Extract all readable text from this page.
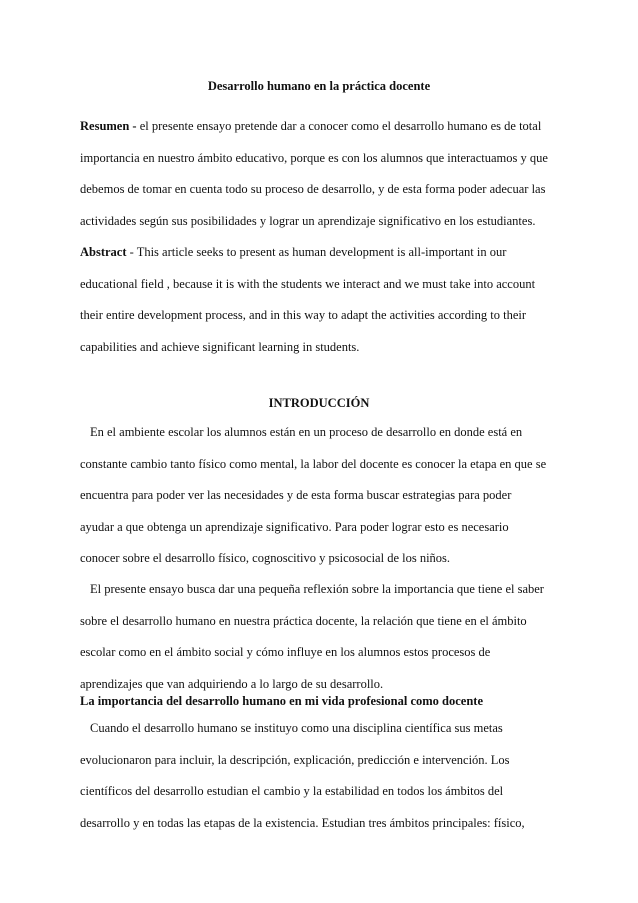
Desarrollo humano en la práctica docente

Resumen - el presente ensayo pretende dar a conocer como el desarrollo humano es de total
importancia en nuestro ámbito educativo, porque es con los alumnos que interactuamos y que
debemos de tomar en cuenta todo su proceso de desarrollo, y de esta forma poder adecuar las
actividades según sus posibilidades y lograr un aprendizaje significativo en los estudiantes.

Abstract - This article seeks to present as human development is all-important in our
educational field , because it is with the students we interact and we must take into account
their entire development process, and in this way to adapt the activities according to their
capabilities and achieve significant learning in students.

INTRODUCCIÓN

En el ambiente escolar los alumnos están en un proceso de desarrollo en donde está en
constante cambio tanto físico como mental, la labor del docente es conocer la etapa en que se
encuentra para poder ver las necesidades y de esta forma buscar estrategias para poder
ayudar a que obtenga un aprendizaje significativo. Para poder lograr esto es necesario
conocer sobre el desarrollo físico, cognoscitivo y psicosocial de los niños.

El presente ensayo busca dar una pequeña reflexión sobre la importancia que tiene el saber
sobre el desarrollo humano en nuestra práctica docente, la relación que tiene en el ámbito
escolar como en el ámbito social y cómo influye en los alumnos estos procesos de
aprendizajes que van adquiriendo a lo largo de su desarrollo.

La importancia del desarrollo humano en mi vida profesional como docente

Cuando el desarrollo humano se instituyo como una disciplina científica sus metas
evolucionaron para incluir, la descripción, explicación, predicción e intervención. Los
científicos del desarrollo estudian el cambio y la estabilidad en todos los ámbitos del
desarrollo y en todas las etapas de la existencia. Estudian tres ámbitos principales: físico,
